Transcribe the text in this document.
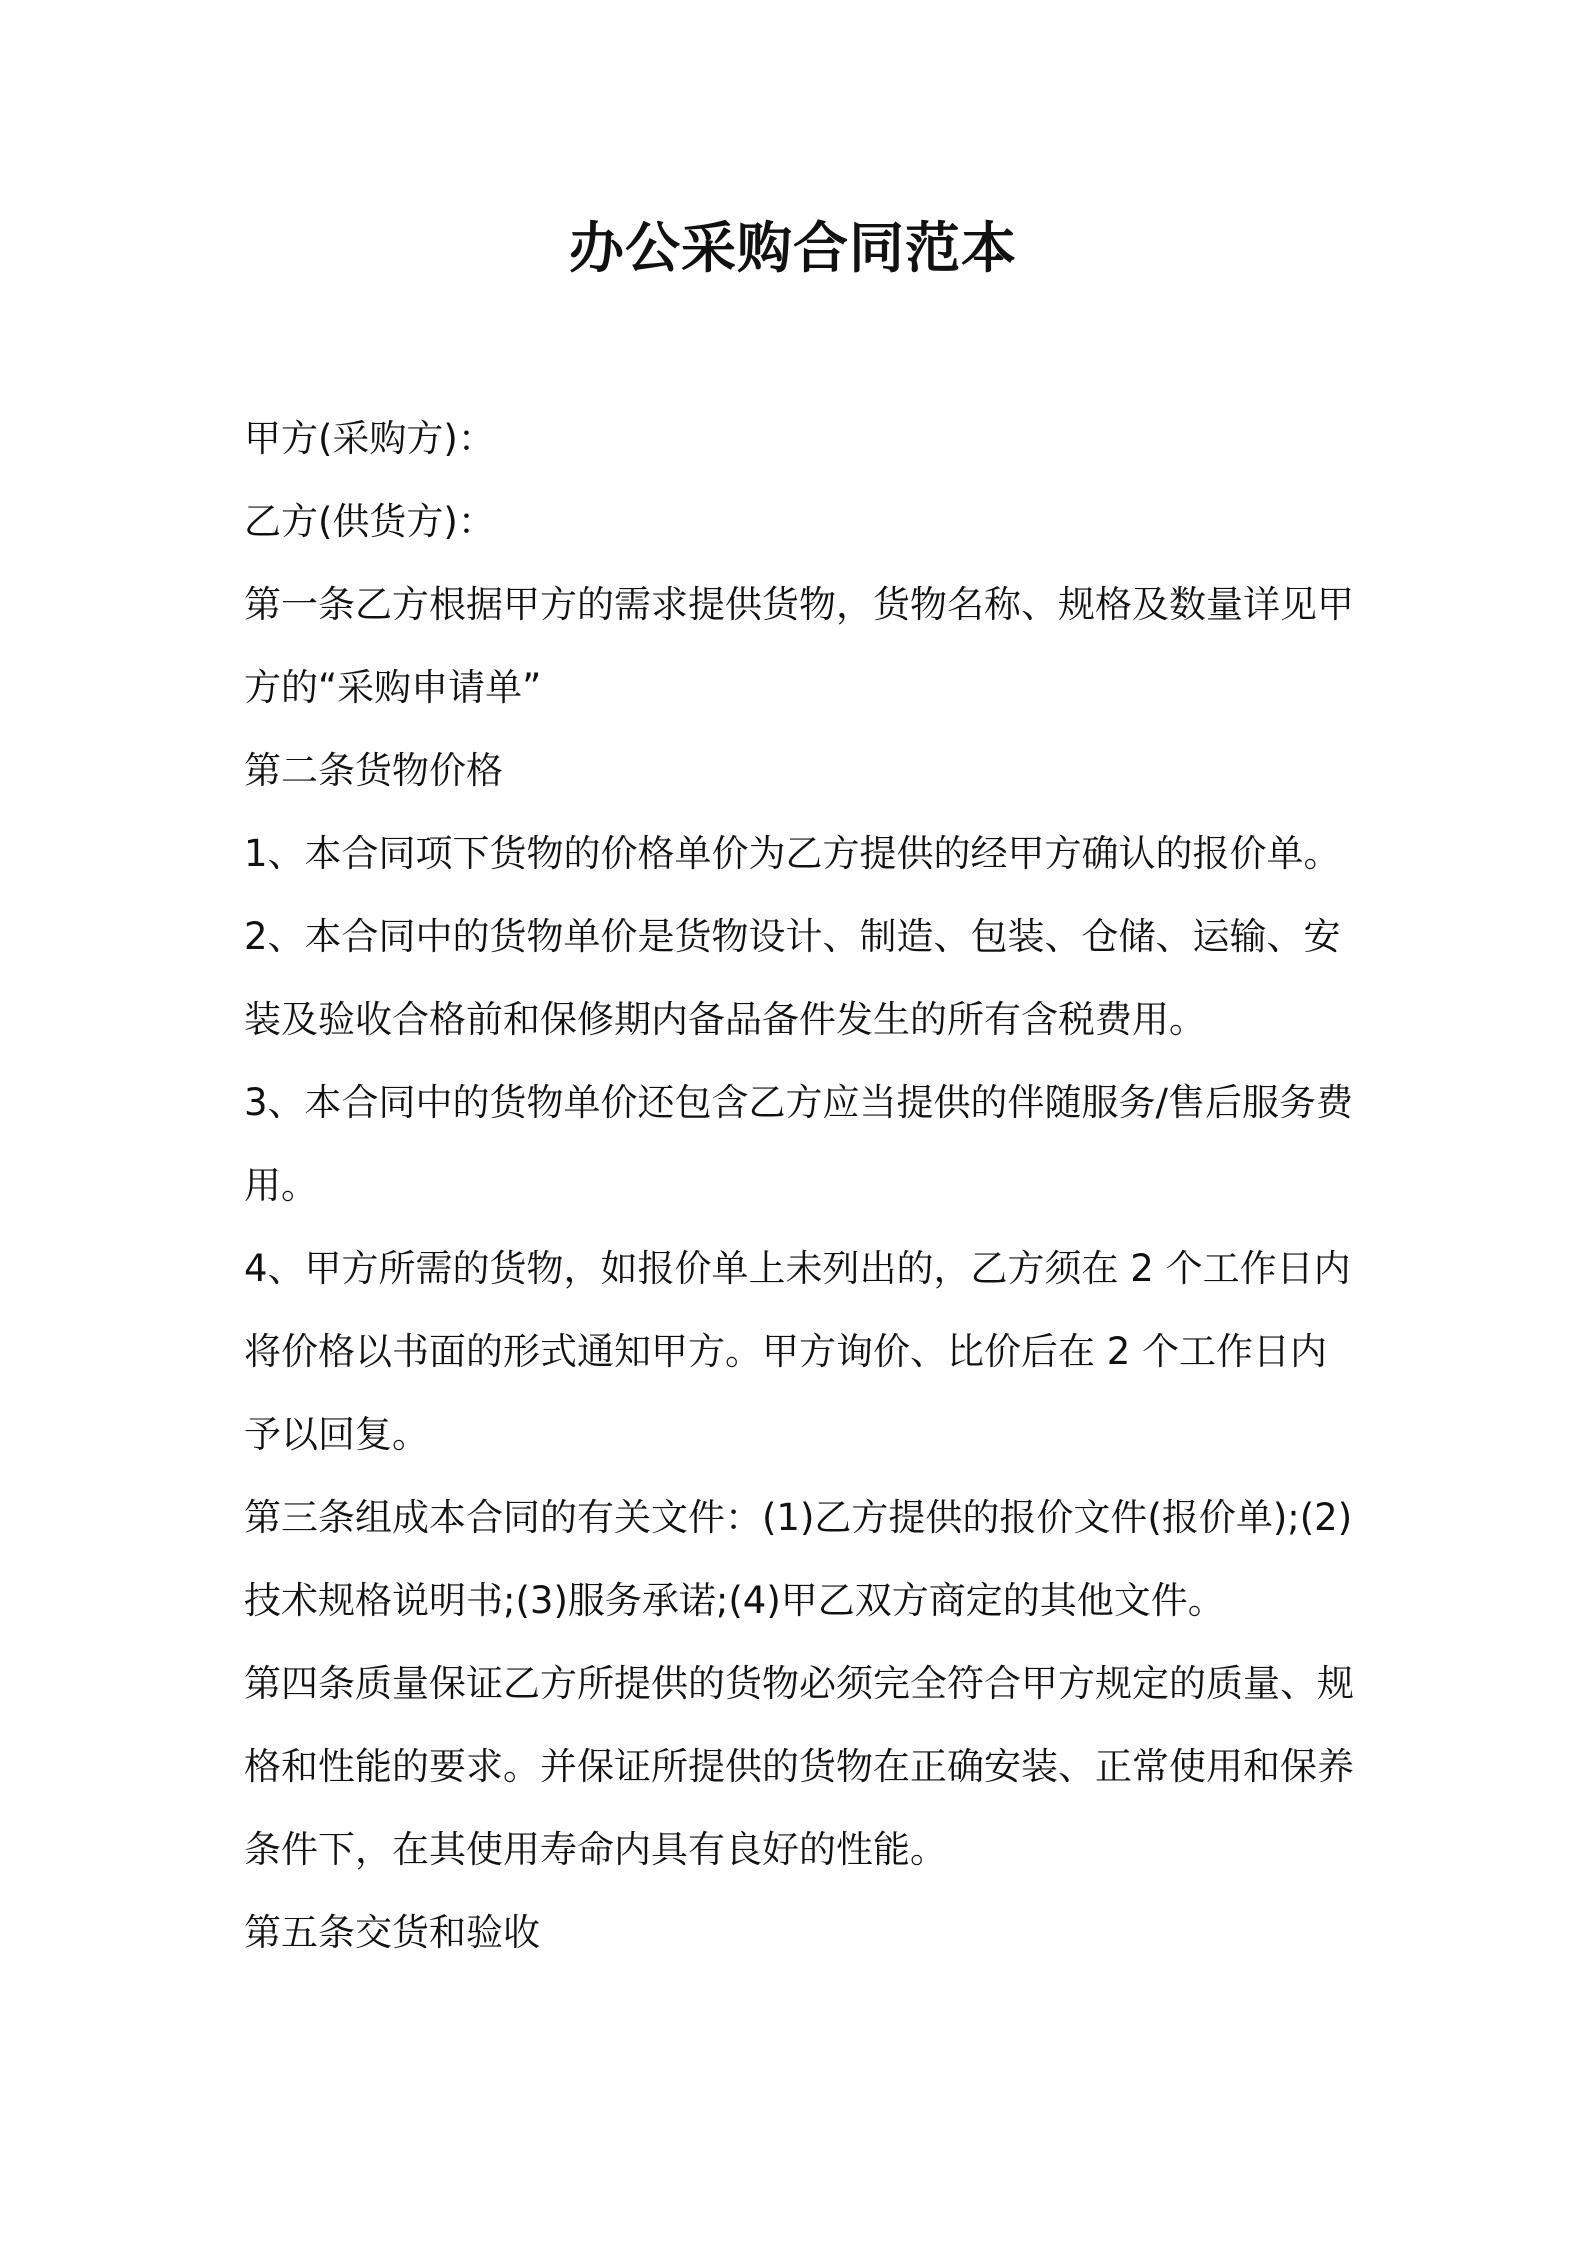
办公采购合同范本

甲方(采购方)：

乙方(供货方)：

第一条乙方根据甲方的需求提供货物，货物名称、规格及数量详见甲方的“采购申请单”

第二条货物价格

1、本合同项下货物的价格单价为乙方提供的经甲方确认的报价单。

2、本合同中的货物单价是货物设计、制造、包装、仓储、运输、安装及验收合格前和保修期内备品备件发生的所有含税费用。

3、本合同中的货物单价还包含乙方应当提供的伴随服务/售后服务费用。

4、甲方所需的货物，如报价单上未列出的，乙方须在 2 个工作日内将价格以书面的形式通知甲方。甲方询价、比价后在 2 个工作日内予以回复。

第三条组成本合同的有关文件：(1)乙方提供的报价文件(报价单);(2)技术规格说明书;(3)服务承诺;(4)甲乙双方商定的其他文件。

第四条质量保证乙方所提供的货物必须完全符合甲方规定的质量、规格和性能的要求。并保证所提供的货物在正确安装、正常使用和保养条件下，在其使用寿命内具有良好的性能。

第五条交货和验收
